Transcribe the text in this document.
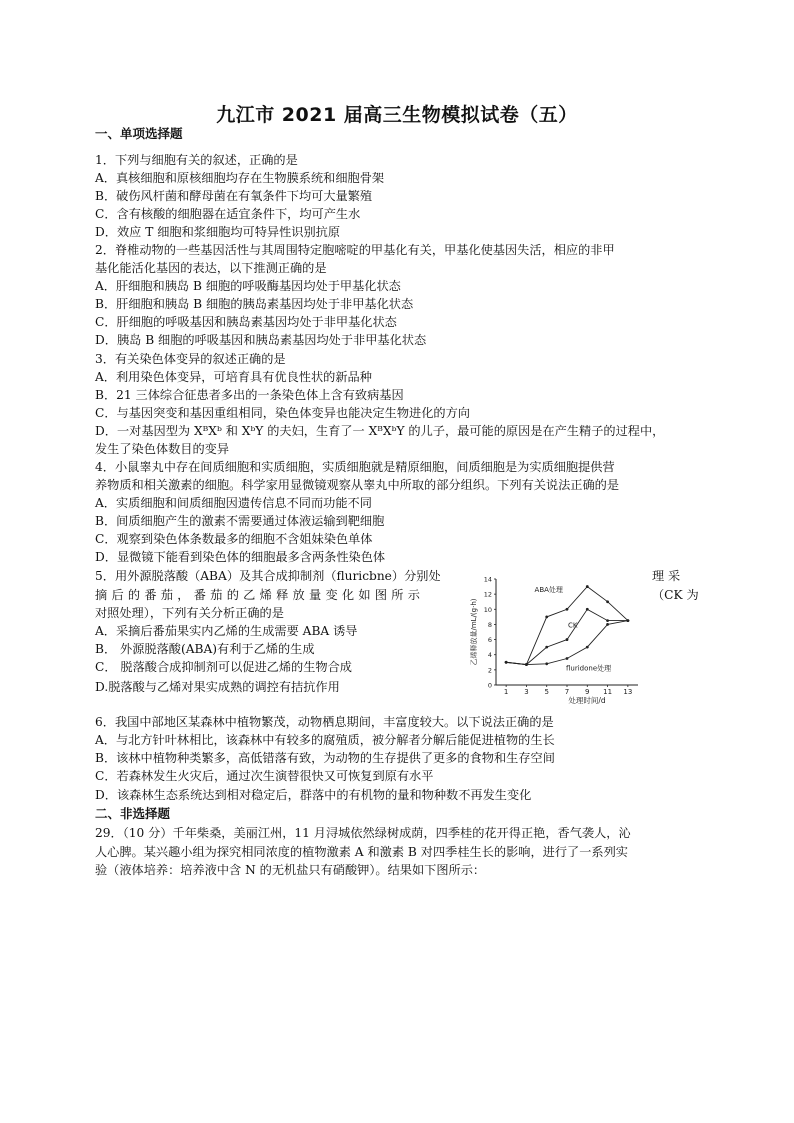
九江市 2021 届高三生物模拟试卷（五）
一、单项选择题
1．下列与细胞有关的叙述，正确的是
A．真核细胞和原核细胞均存在生物膜系统和细胞骨架
B．破伤风杆菌和酵母菌在有氧条件下均可大量繁殖
C．含有核酸的细胞器在适宜条件下，均可产生水
D．效应 T 细胞和浆细胞均可特异性识别抗原
2．脊椎动物的一些基因活性与其周围特定胞嘧啶的甲基化有关，甲基化使基因失活，相应的非甲
基化能活化基因的表达，以下推测正确的是
A．肝细胞和胰岛 B 细胞的呼吸酶基因均处于甲基化状态
B．肝细胞和胰岛 B 细胞的胰岛素基因均处于非甲基化状态
C．肝细胞的呼吸基因和胰岛素基因均处于非甲基化状态
D．胰岛 B 细胞的呼吸基因和胰岛素基因均处于非甲基化状态
3．有关染色体变异的叙述正确的是
A．利用染色体变异，可培育具有优良性状的新品种
B．21 三体综合征患者多出的一条染色体上含有致病基因
C．与基因突变和基因重组相同，染色体变异也能决定生物进化的方向
D．一对基因型为 XᴮXᵇ 和 XᵇY 的夫妇，生育了一 XᴮXᵇY 的儿子，最可能的原因是在产生精子的过程中，
发生了染色体数目的变异
4．小鼠睾丸中存在间质细胞和实质细胞，实质细胞就是精原细胞，间质细胞是为实质细胞提供营
养物质和相关激素的细胞。科学家用显微镜观察从睾丸中所取的部分组织。下列有关说法正确的是
A．实质细胞和间质细胞因遗传信息不同而功能不同
B．间质细胞产生的激素不需要通过体液运输到靶细胞
C．观察到染色体条数最多的细胞不含姐妹染色单体
D．显微镜下能看到染色体的细胞最多含两条性染色体
5．用外源脱落酸（ABA）及其合成抑制剂（fluricbne）分别处	理 采
摘 后 的 番 茄 ， 番 茄 的 乙 烯 释 放 量 变 化 如 图 所 示	（CK 为
对照处理），下列有关分析正确的是
A．采摘后番茄果实内乙烯的生成需要 ABA 诱导
B． 外源脱落酸(ABA)有利于乙烯的生成
C． 脱落酸合成抑制剂可以促进乙烯的生物合成
D.脱落酸与乙烯对果实成熟的调控有拮抗作用	0
2
4
6
8
10
12
14
1 3 5 7 9 11 13
处理时间/d
乙烯释放量/mL/(g·h)
ABA处理
CK
fluridone处理
6．我国中部地区某森林中植物繁茂，动物栖息期间，丰富度较大。以下说法正确的是
A．与北方针叶林相比，该森林中有较多的腐殖质，被分解者分解后能促进植物的生长
B．该林中植物种类繁多，高低错落有致，为动物的生存提供了更多的食物和生存空间
C．若森林发生火灾后，通过次生演替很快又可恢复到原有水平
D．该森林生态系统达到相对稳定后，群落中的有机物的量和物种数不再发生变化
二、非选择题
29．（10 分）千年柴桑，美丽江州，11 月浔城依然绿树成荫，四季桂的花开得正艳，香气袭人，沁
人心脾。某兴趣小组为探究相同浓度的植物激素 A 和激素 B 对四季桂生长的影响，进行了一系列实
验（液体培养：培养液中含 N 的无机盐只有硝酸钾）。结果如下图所示：
